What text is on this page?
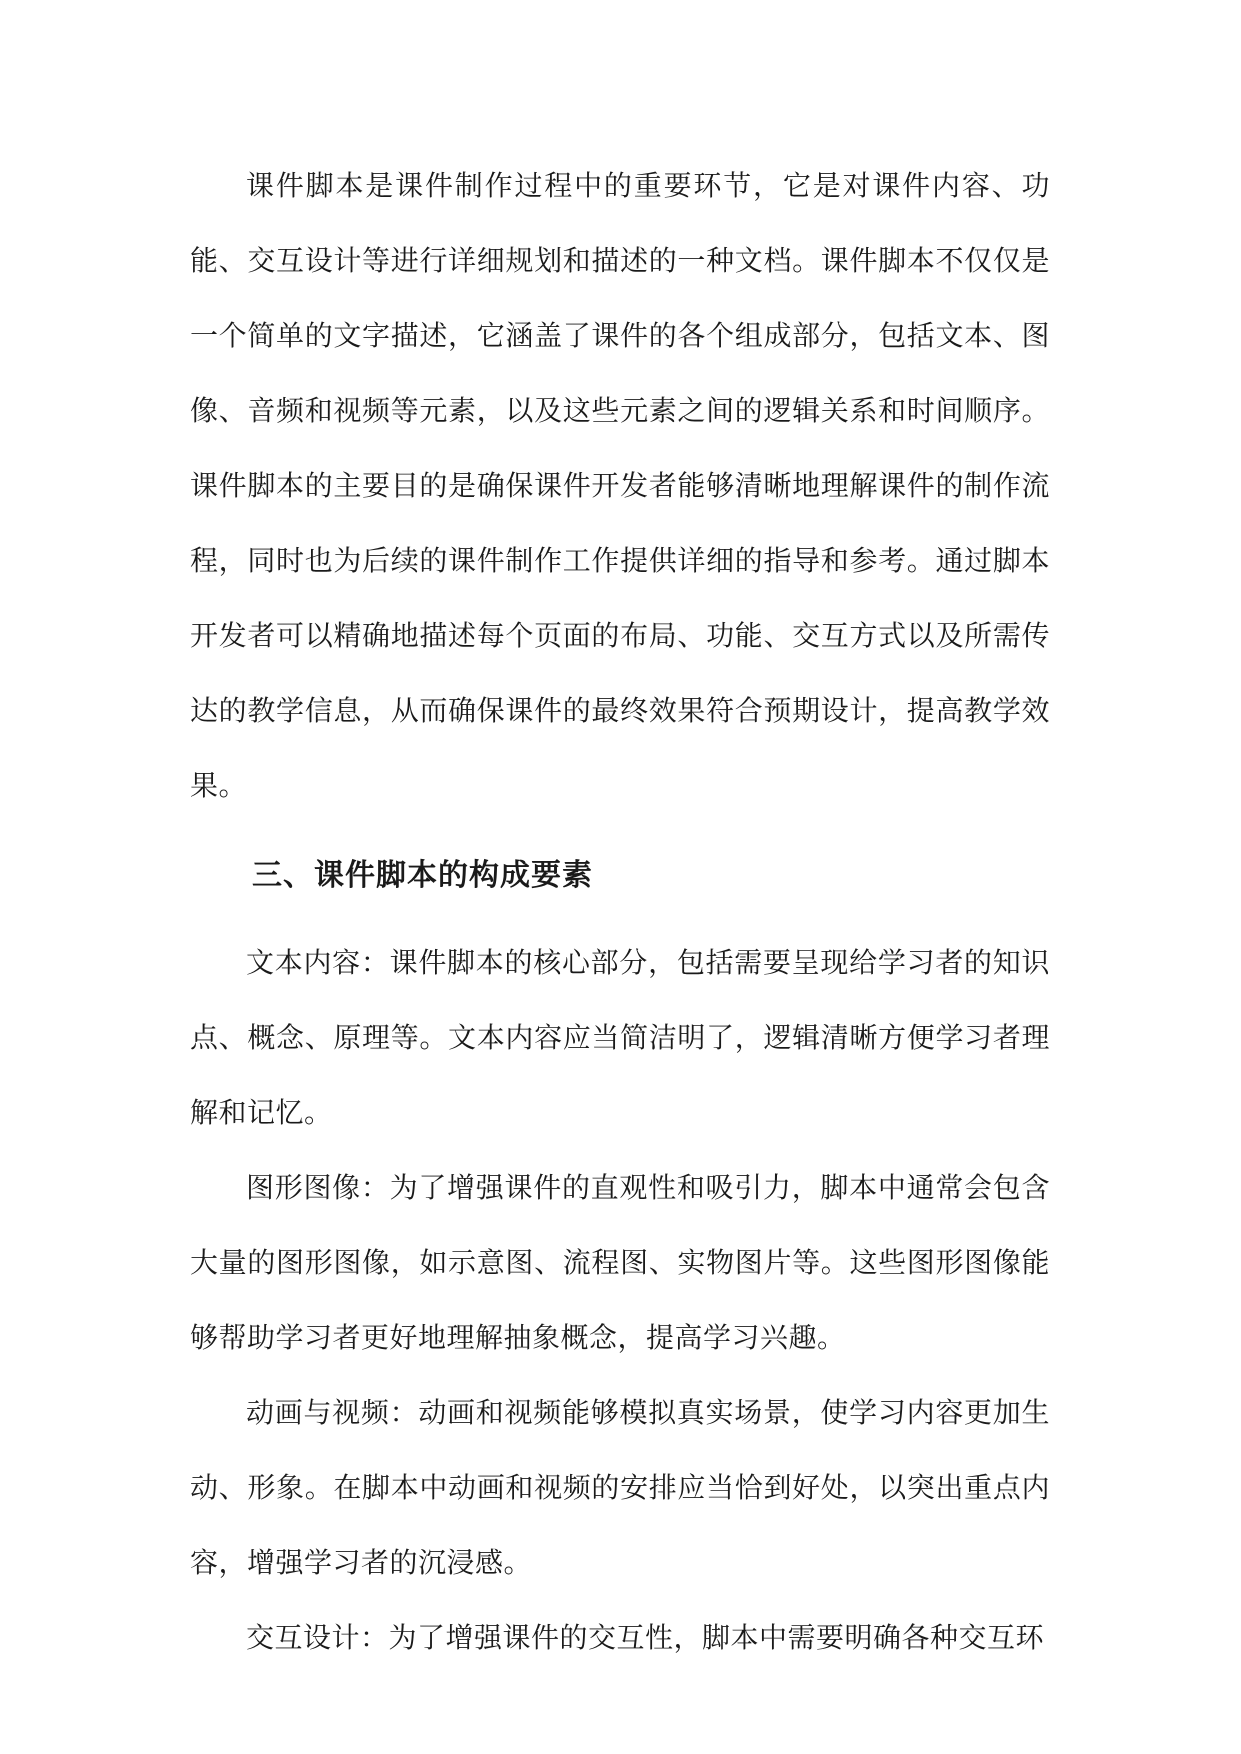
课件脚本是课件制作过程中的重要环节，它是对课件内容、功能、交互设计等进行详细规划和描述的一种文档。课件脚本不仅仅是一个简单的文字描述，它涵盖了课件的各个组成部分，包括文本、图像、音频和视频等元素，以及这些元素之间的逻辑关系和时间顺序。课件脚本的主要目的是确保课件开发者能够清晰地理解课件的制作流程，同时也为后续的课件制作工作提供详细的指导和参考。通过脚本开发者可以精确地描述每个页面的布局、功能、交互方式以及所需传达的教学信息，从而确保课件的最终效果符合预期设计，提高教学效果。

三、课件脚本的构成要素

文本内容：课件脚本的核心部分，包括需要呈现给学习者的知识点、概念、原理等。文本内容应当简洁明了，逻辑清晰方便学习者理解和记忆。

图形图像：为了增强课件的直观性和吸引力，脚本中通常会包含大量的图形图像，如示意图、流程图、实物图片等。这些图形图像能够帮助学习者更好地理解抽象概念，提高学习兴趣。

动画与视频：动画和视频能够模拟真实场景，使学习内容更加生动、形象。在脚本中动画和视频的安排应当恰到好处，以突出重点内容，增强学习者的沉浸感。

交互设计：为了增强课件的交互性，脚本中需要明确各种交互环
